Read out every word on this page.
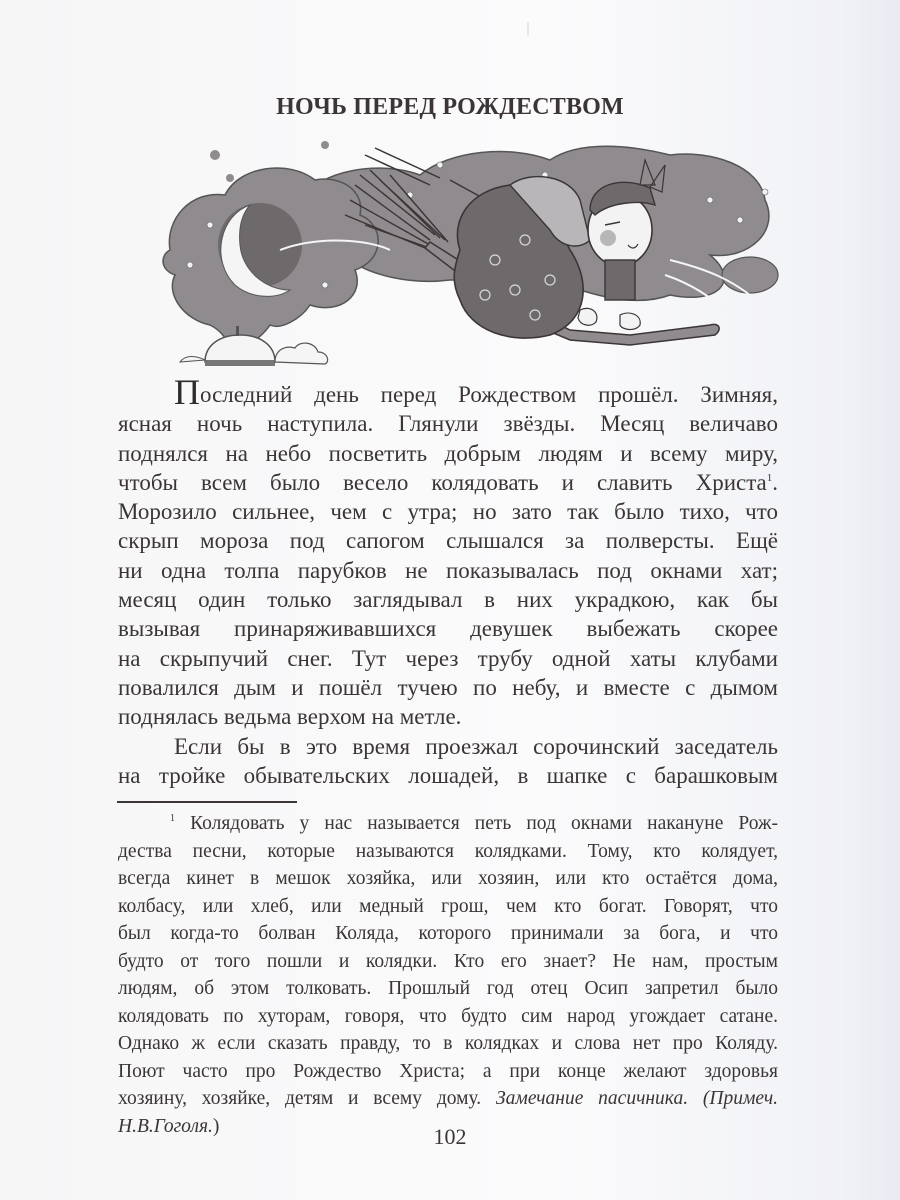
НОЧЬ ПЕРЕД РОЖДЕСТВОМ
Последний день перед Рождеством прошёл. Зимняя,
ясная ночь наступила. Глянули звёзды. Месяц величаво
поднялся на небо посветить добрым людям и всему миру,
чтобы всем было весело колядовать и славить Христа$^1$.
Морозило сильнее, чем с утра; но зато так было тихо, что
скрып мороза под сапогом слышался за полверсты. Ещё
ни одна толпа парубков не показывалась под окнами хат;
месяц один только заглядывал в них украдкою, как бы
вызывая принаряживавшихся девушек выбежать скорее
на скрыпучий снег. Тут через трубу одной хаты клубами
повалился дым и пошёл тучею по небу, и вместе с дымом
поднялась ведьма верхом на метле.
Если бы в это время проезжал сорочинский заседатель
на тройке обывательских лошадей, в шапке с барашковым
$^1$ Колядовать у нас называется петь под окнами накануне Рож-
дества песни, которые называются колядками. Тому, кто колядует,
всегда кинет в мешок хозяйка, или хозяин, или кто остаётся дома,
колбасу, или хлеб, или медный грош, чем кто богат. Говорят, что
был когда-то болван Коляда, которого принимали за бога, и что
будто от того пошли и колядки. Кто его знает? Не нам, простым
людям, об этом толковать. Прошлый год отец Осип запретил было
колядовать по хуторам, говоря, что будто сим народ угождает сатане.
Однако ж если сказать правду, то в колядках и слова нет про Коляду.
Поют часто про Рождество Христа; а при конце желают здоровья
хозяину, хозяйке, детям и всему дому. Замечание пасичника. (Примеч.
Н.В.Гоголя.)	102
